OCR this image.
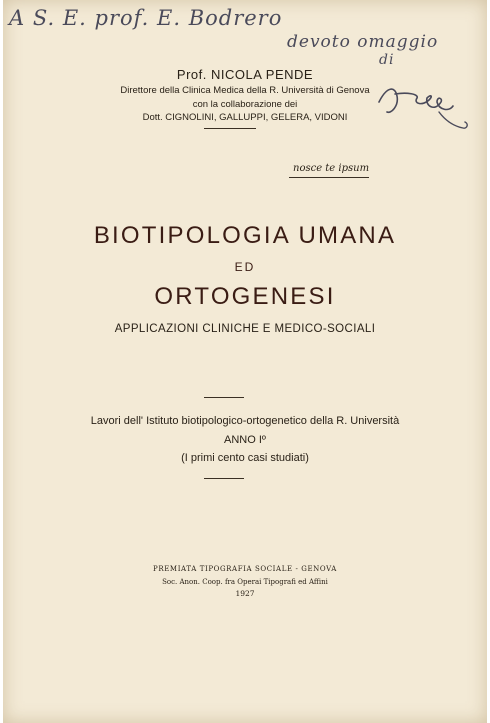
A S. E. prof. E. Bodrero
devoto omaggio
di
Prof. NICOLA PENDE
Direttore della Clinica Medica della R. Università di Genova
con la collaborazione dei
Dott. CIGNOLINI, GALLUPPI, GELERA, VIDONI
nosce te ipsum
BIOTIPOLOGIA UMANA
ED
ORTOGENESI
APPLICAZIONI CLINICHE E MEDICO-SOCIALI
Lavori dell' Istituto biotipologico-ortogenetico della R. Università
ANNO Iº
(I primi cento casi studiati)
PREMIATA TIPOGRAFIA SOCIALE - GENOVA
Soc. Anon. Coop. fra Operai Tipografi ed Affini
1927
